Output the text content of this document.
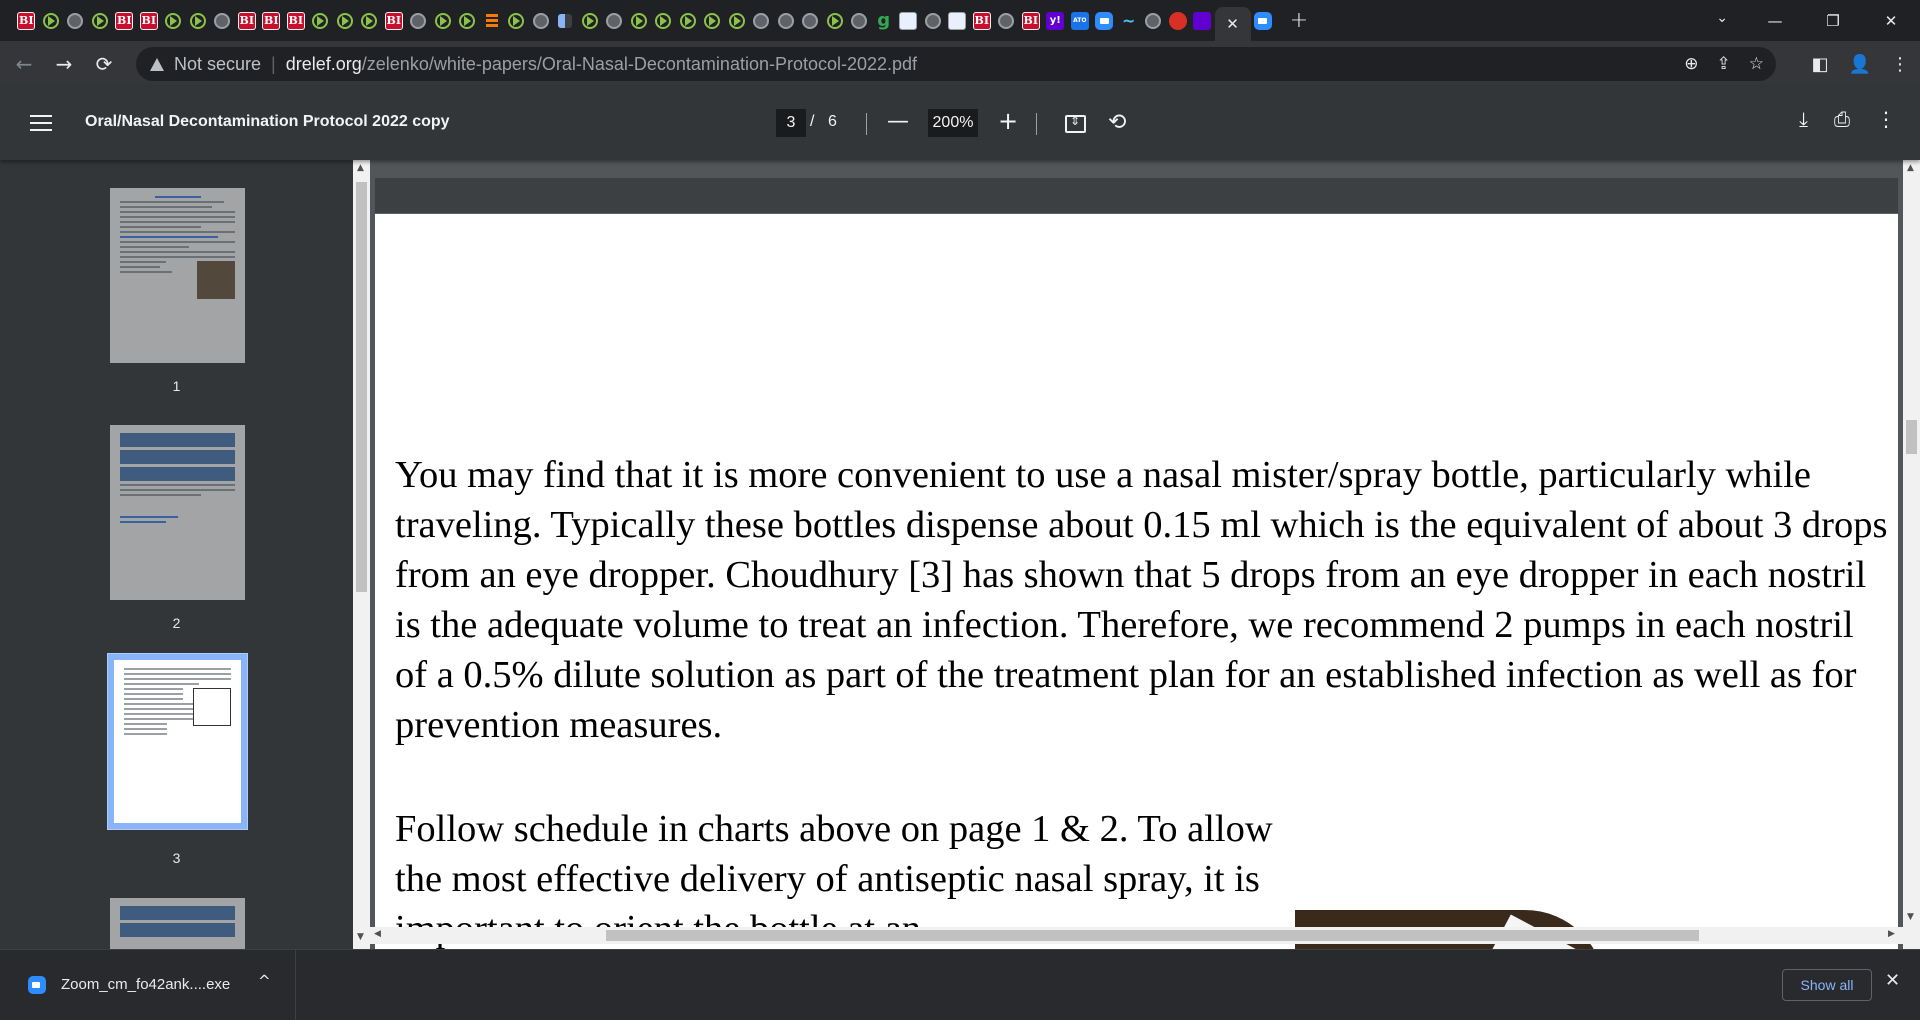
BI	BI BI	BI BI BI	BI	g	BI	BI	y!	ATO ~	✕ +	⌄	—	❐	✕
←	→	⟳	Not secure | drelef.org /zelenko/white-papers/Oral-Nasal-Decontamination-Protocol-2022.pdf	⊕ ⇪ ☆	◧	👤	⋮
Oral/Nasal Decontamination Protocol 2022 copy	3 / 6 — 200% +
⇕	⟲	⤓ ⎙ ⋮
1
2
3
You may find that it is more convenient to use a nasal mister/spray bottle, particularly while traveling. Typically these bottles dispense about 0.15 ml which is the equivalent of about 3 drops from an eye dropper. Choudhury [3] has shown that 5 drops from an eye dropper in each nostril is the adequate volume to treat an infection. Therefore, we recommend 2 pumps in each nostril of a 0.5% dilute solution as part of the treatment plan for an established infection as well as for prevention measures.
Follow schedule in charts above on page 1 & 2. To allow the most effective delivery of antiseptic nasal spray, it is
▲
▼
▲
▼
◀	▶
Zoom_cm_fo42ank....exe ^	Show all	✕
